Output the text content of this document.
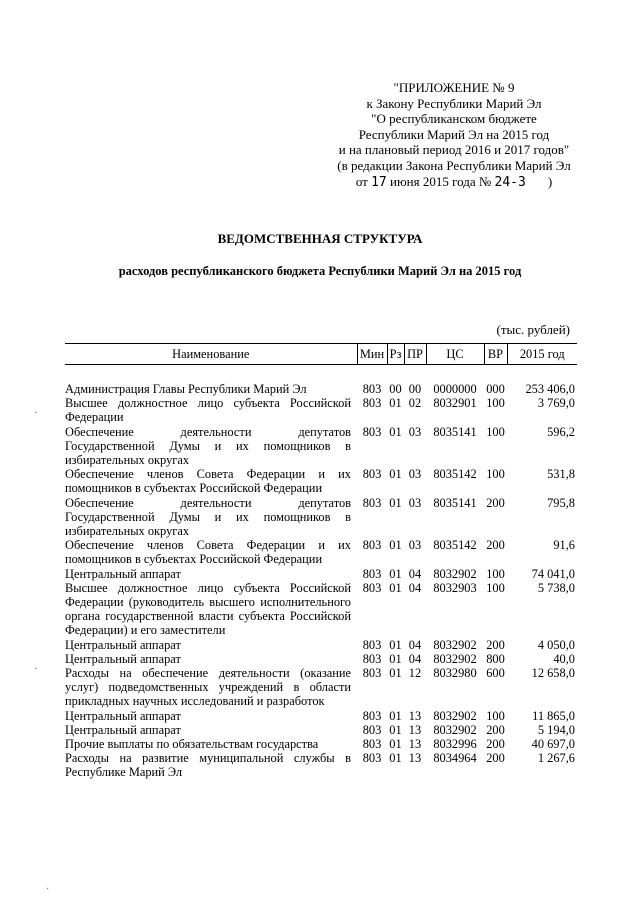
"ПРИЛОЖЕНИЕ № 9
к Закону Республики Марий Эл
"О республиканском бюджете
Республики Марий Эл на 2015 год
и на плановый период 2016 и 2017 годов"
(в редакции Закона Республики Марий Эл
от 17 июня 2015 года № 24-З )
ВЕДОМСТВЕННАЯ СТРУКТУРА
расходов республиканского бюджета Республики Марий Эл на 2015 год
(тыс. рублей)
Наименование	Мин	Рз	ПР	ЦС	ВР	2015 год
Администрация Главы Республики Марий Эл	803	00	00	0000000	000	253 406,0
Высшее должностное лицо субъекта Российской Федерации	803	01	02	8032901	100	3 769,0
Обеспечение деятельности депутатов Государственной Думы и их помощников в избирательных округах	803	01	03	8035141	100	596,2
Обеспечение членов Совета Федерации и их помощников в субъектах Российской Федерации	803	01	03	8035142	100	531,8
Обеспечение деятельности депутатов Государственной Думы и их помощников в избирательных округах	803	01	03	8035141	200	795,8
Обеспечение членов Совета Федерации и их помощников в субъектах Российской Федерации	803	01	03	8035142	200	91,6
Центральный аппарат	803	01	04	8032902	100	74 041,0
Высшее должностное лицо субъекта Российской Федерации (руководитель высшего исполнительного органа государственной власти субъекта Российской Федерации) и его заместители	803	01	04	8032903	100	5 738,0
Центральный аппарат	803	01	04	8032902	200	4 050,0
Центральный аппарат	803	01	04	8032902	800	40,0
Расходы на обеспечение деятельности (оказание услуг) подведомственных учреждений в области прикладных научных исследований и разработок	803	01	12	8032980	600	12 658,0
Центральный аппарат	803	01	13	8032902	100	11 865,0
Центральный аппарат	803	01	13	8032902	200	5 194,0
Прочие выплаты по обязательствам государства	803	01	13	8032996	200	40 697,0
Расходы на развитие муниципальной службы в Республике Марий Эл	803	01	13	8034964	200	1 267,6
·
·
·
